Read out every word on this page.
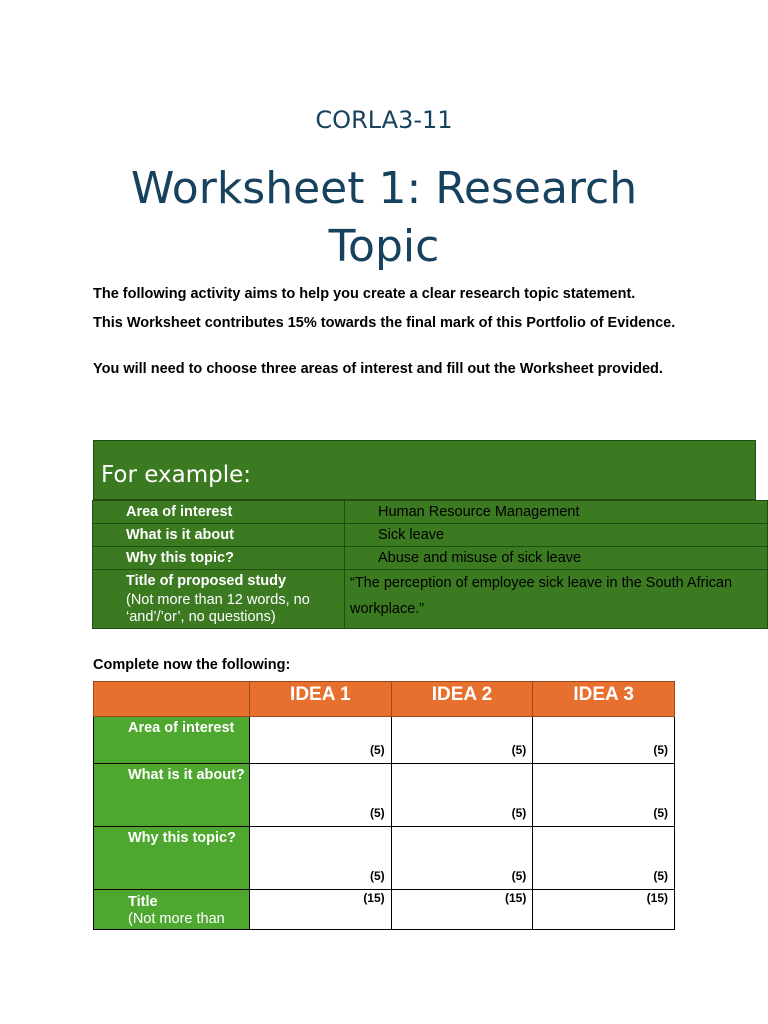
CORLA3-11
Worksheet 1: Research
Topic

The following activity aims to help you create a clear research topic statement.

This Worksheet contributes 15% towards the final mark of this Portfolio of Evidence.

You will need to choose three areas of interest and fill out the Worksheet provided.

For example:
Area of interest	Human Resource Management
What is it about	Sick leave
Why this topic?	Abuse and misuse of sick leave
Title of proposed study
(Not more than 12 words, no ‘and’/’or’, no questions)	“The perception of employee sick leave in the South African workplace.”

Complete now the following:

	IDEA 1	IDEA 2	IDEA 3
Area of interest	(5)	(5)	(5)
What is it about?	(5)	(5)	(5)
Why this topic?	(5)	(5)	(5)
Title
(Not more than	(15)	(15)	(15)
